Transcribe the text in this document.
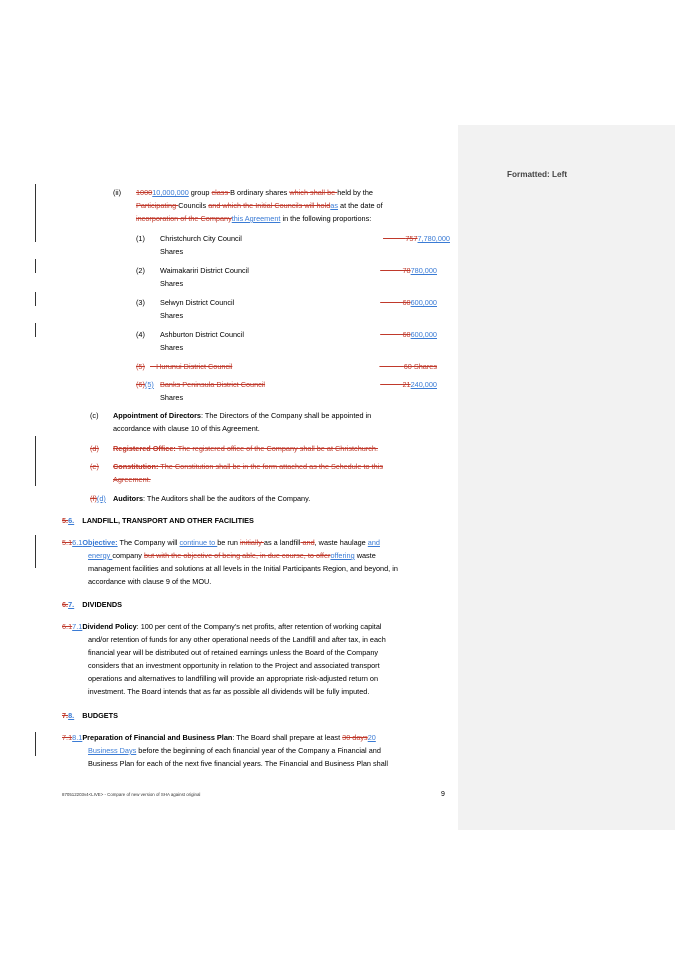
Formatted: Left
(ii) 100010,000,000 group class B ordinary shares which shall be held by the
Participating Councils and which the Initial Councils will holdas at the date of
incorporation of the Companythis Agreement in the following proportions:
(1) Christchurch City Council	7577,780,000
Shares
(2) Waimakariri District Council	78780,000
Shares
(3) Selwyn District Council	60600,000
Shares
(4) Ashburton District Council	60600,000
Shares
(5)	Hurunui District Council	60 Shares
(6)(5) Banks Peninsula District Council	21240,000
Shares
(c) Appointment of Directors: The Directors of the Company shall be appointed in
accordance with clause 10 of this Agreement.
(d) Registered Office: The registered office of the Company shall be at Christchurch.
(e) Constitution: The Constitution shall be in the form attached as the Schedule to this
Agreement.
(f)(d) Auditors: The Auditors shall be the auditors of the Company.
5.6. LANDFILL, TRANSPORT AND OTHER FACILITIES
5.16.1Objective: The Company will continue to be run initially as a landfill and, waste haulage and
energy company but with the objective of being able, in due course, to offeroffering waste
management facilities and solutions at all levels in the Initial Participants Region, and beyond, in
accordance with clause 9 of the MOU.
6.7. DIVIDENDS
6.17.1Dividend Policy: 100 per cent of the Company’s net profits, after retention of working capital
and/or retention of funds for any other operational needs of the Landfill and after tax, in each
financial year will be distributed out of retained earnings unless the Board of the Company
considers that an investment opportunity in relation to the Project and associated transport
operations and alternatives to landfilling will provide an appropriate risk-adjusted return on
investment. The Board intends that as far as possible all dividends will be fully imputed.
7.8. BUDGETS
7.18.1Preparation of Financial and Business Plan: The Board shall prepare at least 30 days20
Business Days before the beginning of each financial year of the Company a Financial and
Business Plan for each of the next five financial years. The Financial and Business Plan shall
870512203v4<LIVE> - Compare of new version of SHA against original	9
